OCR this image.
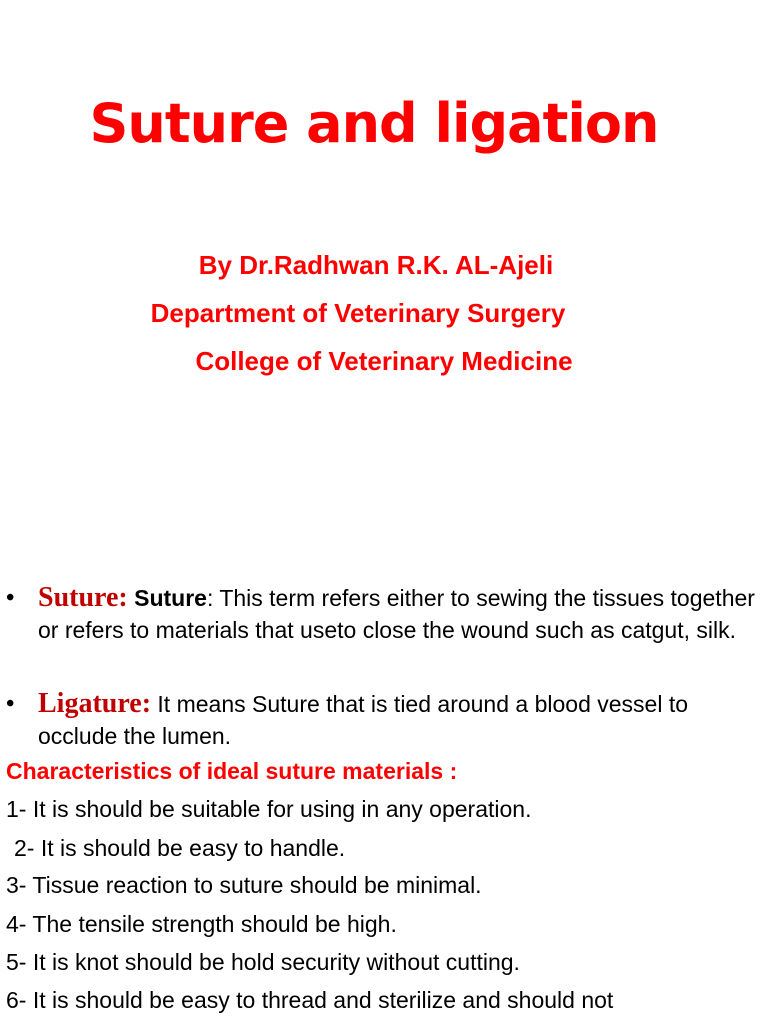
Suture and ligation
By Dr.Radhwan R.K. AL-Ajeli
Department of Veterinary Surgery
College of Veterinary Medicine
• Suture: Suture: This term refers either to sewing the tissues together or refers to materials that useto close the wound such as catgut, silk.
• Ligature: It means Suture that is tied around a blood vessel to occlude the lumen.
Characteristics of ideal suture materials :
1- It is should be suitable for using in any operation.
2- It is should be easy to handle.
3- Tissue reaction to suture should be minimal.
4- The tensile strength should be high.
5- It is knot should be hold security without cutting.
6- It is should be easy to thread and sterilize and should not
